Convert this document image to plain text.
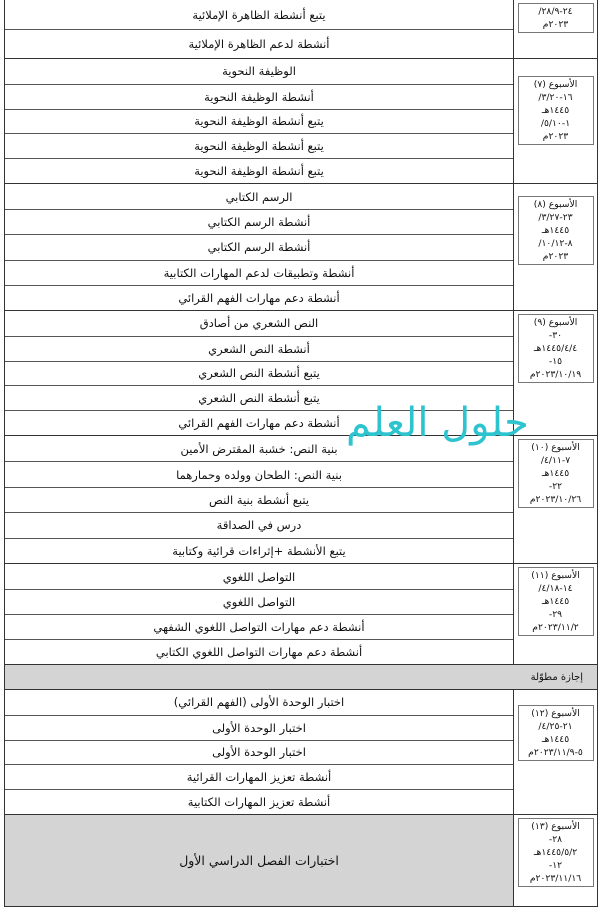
٢٤-٢٨/٩/
٢٠٢٣م
يتبع أنشطة الظاهرة الإملائية
أنشطة لدعم الظاهرة الإملائية
الأسبوع (٧)
١٦-٣/٢٠/
١٤٤٥هـ
١-٥/١٠/
٢٠٢٣م
الوظيفة النحوية
أنشطة الوظيفة النحوية
يتبع أنشطة الوظيفة النحوية
يتبع أنشطة الوظيفة النحوية
يتبع أنشطة الوظيفة النحوية
الأسبوع (٨)
٢٣-٣/٢٧/
١٤٤٥هـ
٨-١٠/١٢/
٢٠٢٣م
الرسم الكتابي
أنشطة الرسم الكتابي
أنشطة الرسم الكتابي
أنشطة وتطبيقات لدعم المهارات الكتابية
أنشطة دعم مهارات الفهم القرائي
الأسبوع (٩)
٣٠-
١٤٤٥/٤/٤هـ
١٥-
٢٠٢٣/١٠/١٩م
النص الشعري من أصادق
أنشطة النص الشعري
يتبع أنشطة النص الشعري
يتبع أنشطة النص الشعري
أنشطة دعم مهارات الفهم القرائي
الأسبوع (١٠)
٧-٤/١١/
١٤٤٥هـ
٢٢-
٢٠٢٣/١٠/٢٦م
بنية النص: خشبة المقترض الأمين
بنية النص: الطحان وولده وحمارهما
يتبع أنشطة بنية النص
درس في الصداقة
يتبع الأنشطة +إثراءات قرائية وكتابية
الأسبوع (١١)
١٤-٤/١٨/
١٤٤٥هـ
٢٩-
٢٠٢٣/١١/٢م
التواصل اللغوي
التواصل اللغوي
أنشطة دعم مهارات التواصل اللغوي الشفهي
أنشطة دعم مهارات التواصل اللغوي الكتابي
إجازة مطوّلة
الأسبوع (١٢)
٢١-٤/٢٥/
١٤٤٥هـ
٥-٢٠٢٣/١١/٩م
اختبار الوحدة الأولى (الفهم القرائي)
اختبار الوحدة الأولى
اختبار الوحدة الأولى
أنشطة تعزيز المهارات القرائية
أنشطة تعزيز المهارات الكتابية
الأسبوع (١٣)
٢٨-
١٤٤٥/٥/٢هـ
١٢-
٢٠٢٣/١١/١٦م
اختبارات الفصل الدراسي الأول
حلول العلم
